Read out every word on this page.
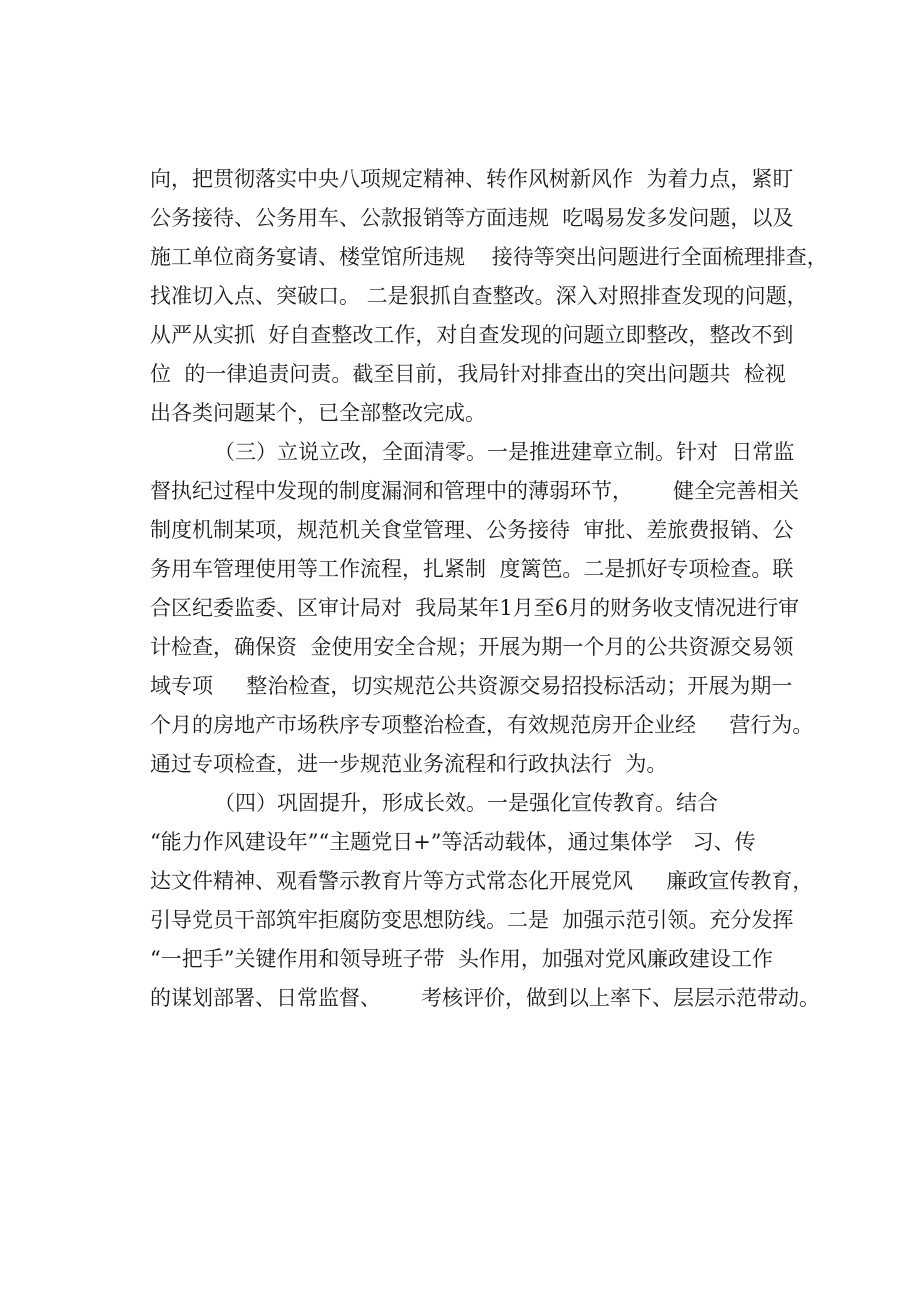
向，把贯彻落实中央八项规定精神、转作风树新风作  为着力点，紧盯
公务接待、公务用车、公款报销等方面违规  吃喝易发多发问题，以及
施工单位商务宴请、楼堂馆所违规    接待等突出问题进行全面梳理排查，
找准切入点、突破口。 二是狠抓自查整改。深入对照排查发现的问题，
从严从实抓  好自查整改工作，对自查发现的问题立即整改，整改不到
位  的一律追责问责。截至目前，我局针对排查出的突出问题共  检视
出各类问题某个，已全部整改完成。
（三）立说立改，全面清零。一是推进建章立制。针对  日常监
督执纪过程中发现的制度漏洞和管理中的薄弱环节，      健全完善相关
制度机制某项，规范机关食堂管理、公务接待  审批、差旅费报销、公
务用车管理使用等工作流程，扎紧制  度篱笆。二是抓好专项检查。联
合区纪委监委、区审计局对  我局某年1月至6月的财务收支情况进行审
计检查，确保资  金使用安全合规；开展为期一个月的公共资源交易领
域专项     整治检查，切实规范公共资源交易招投标活动；开展为期一
个月的房地产市场秩序专项整治检查，有效规范房开企业经     营行为。
通过专项检查，进一步规范业务流程和行政执法行  为。
（四）巩固提升，形成长效。一是强化宣传教育。结合
“能力作风建设年”“主题党日+”等活动载体，通过集体学   习、传
达文件精神、观看警示教育片等方式常态化开展党风     廉政宣传教育，
引导党员干部筑牢拒腐防变思想防线。二是  加强示范引领。充分发挥
“一把手”关键作用和领导班子带  头作用，加强对党风廉政建设工作
的谋划部署、日常监督、      考核评价，做到以上率下、层层示范带动。
